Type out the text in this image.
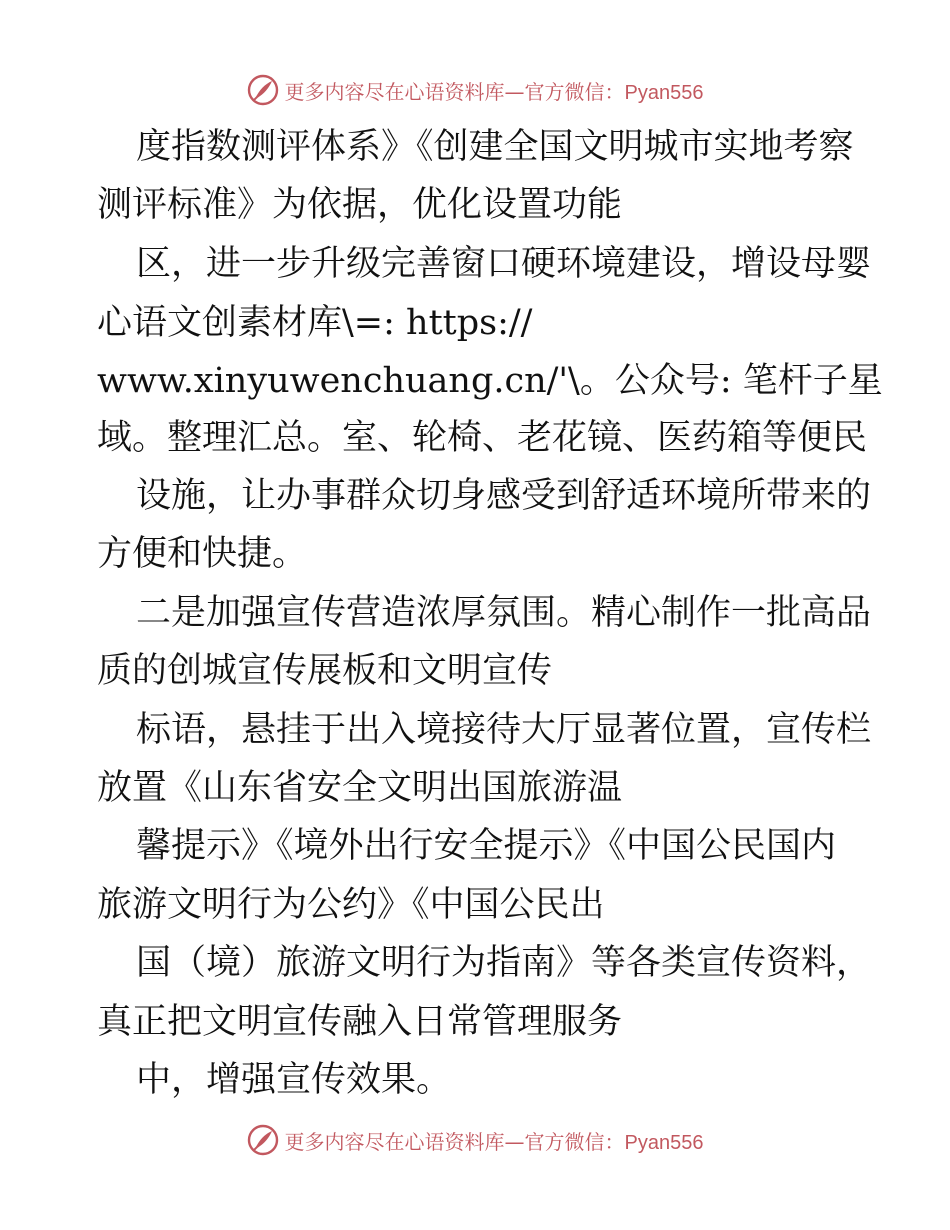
更多内容尽在心语资料库—官方微信：Pyan556
度指数测评体系》《创建全国文明城市实地考察
测评标准》为依据，优化设置功能
区，进一步升级完善窗口硬环境建设，增设母婴
心语文创素材库\=: https://
www.xinyuwenchuang.cn/'\。公众号: 笔杆子星
域。整理汇总。室、轮椅、老花镜、医药箱等便民
设施，让办事群众切身感受到舒适环境所带来的
方便和快捷。
二是加强宣传营造浓厚氛围。精心制作一批高品
质的创城宣传展板和文明宣传
标语，悬挂于出入境接待大厅显著位置，宣传栏
放置《山东省安全文明出国旅游温
馨提示》《境外出行安全提示》《中国公民国内
旅游文明行为公约》《中国公民出
国（境）旅游文明行为指南》等各类宣传资料，
真正把文明宣传融入日常管理服务
中，增强宣传效果。
更多内容尽在心语资料库—官方微信：Pyan556
